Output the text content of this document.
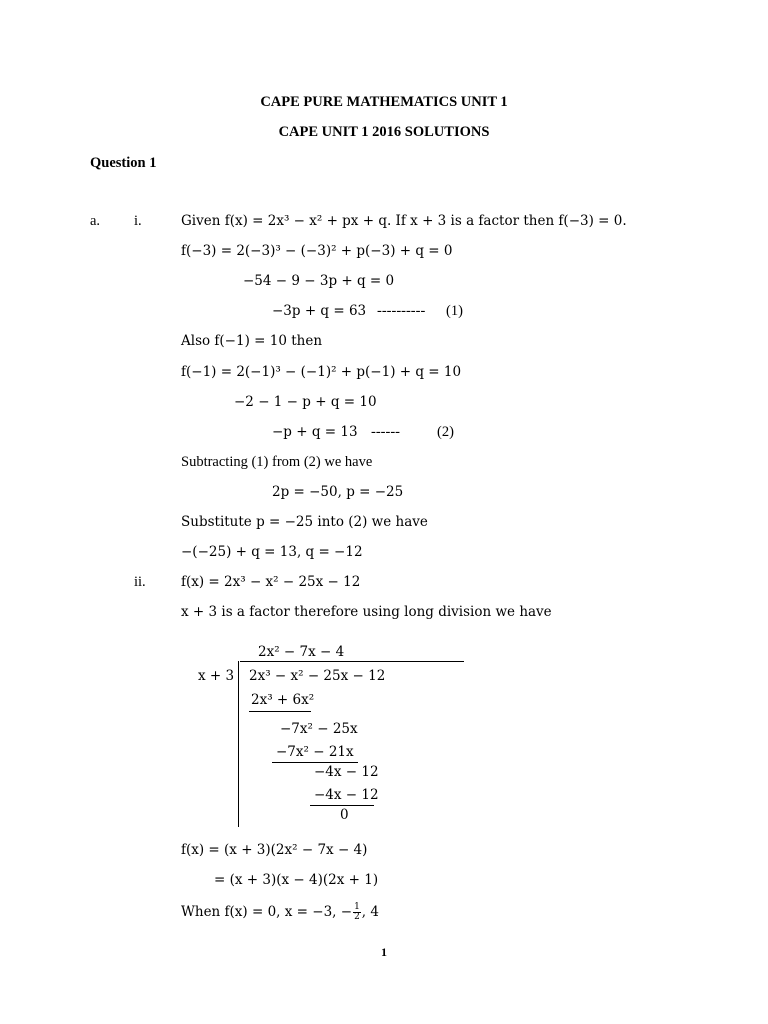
CAPE PURE MATHEMATICS UNIT 1
CAPE UNIT 1 2016 SOLUTIONS
Question 1
a. i.	Given f(x) = 2x³ − x² + px + q. If x + 3 is a factor then f(−3) = 0.
f(−3) = 2(−3)³ − (−3)² + p(−3) + q = 0
−54 − 9 − 3p + q = 0
−3p + q = 63 ---------- (1)
Also f(−1) = 10 then
f(−1) = 2(−1)³ − (−1)² + p(−1) + q = 10
−2 − 1 − p + q = 10
−p + q = 13 ------	(2)
Subtracting (1) from (2) we have
2p = −50, p = −25
Substitute p = −25 into (2) we have
−(−25) + q = 13, q = −12
ii.	f(x) = 2x³ − x² − 25x − 12
x + 3 is a factor therefore using long division we have
2x² − 7x − 4
x + 3 2x³ − x² − 25x − 12
2x³ + 6x²
−7x² − 25x
−7x² − 21x
−4x − 12
−4x − 12
0
f(x) = (x + 3)(2x² − 7x − 4)
= (x + 3)(x − 4)(2x + 1)
When f(x) = 0, x = −3, − $\frac{1}{2}$ , 4
1
